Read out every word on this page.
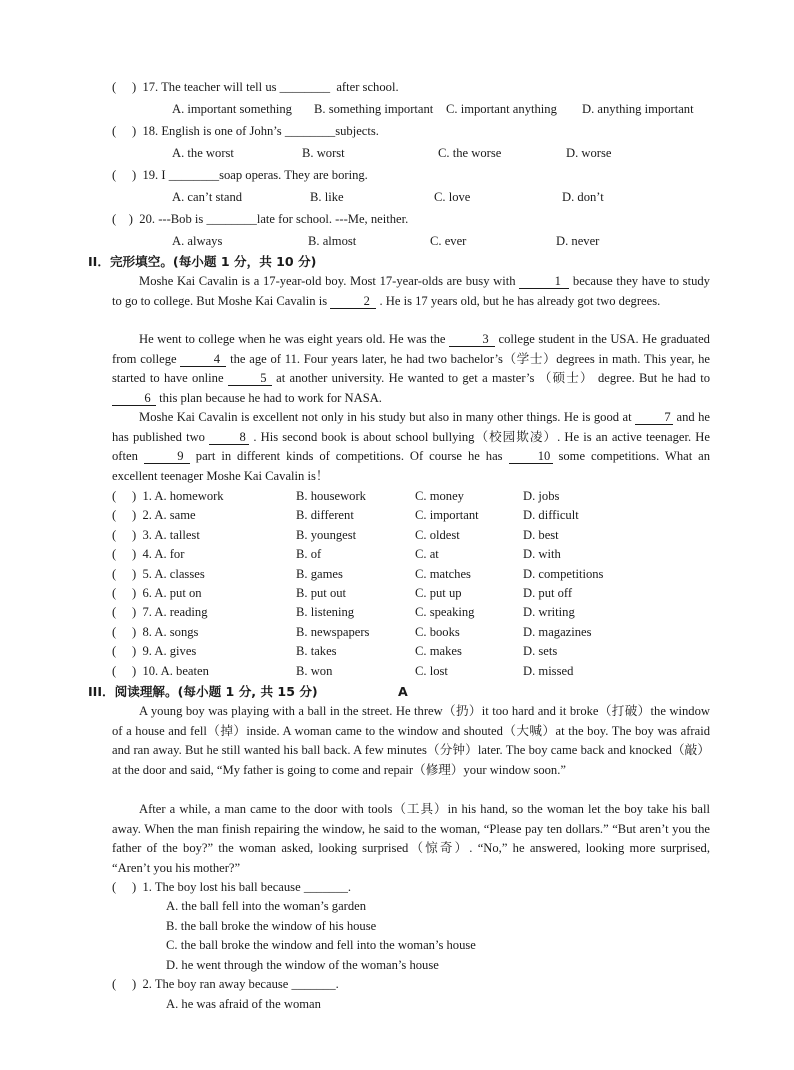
( ) 17. The teacher will tell us ________ after school.
A. important something B. something important C. important anything D. anything important
( ) 18. English is one of John’s ________subjects.
A. the worst	B. worst	C. the worse	D. worse
( ) 19. I ________soap operas. They are boring.
A. can’t stand	B. like	C. love	D. don’t
( ) 20. ---Bob is ________late for school. ---Me, neither.
A. always	B. almost	C. ever	D. never
II．完形填空。(每小题 1 分，共 10 分)
Moshe Kai Cavalin is a 17-year-old boy. Most 17-year-olds are busy with	1 because they have to study to go to college. But Moshe Kai Cavalin is	2 . He is 17 years old, but he has already got two degrees.
He went to college when he was eight years old. He was the	3 college student in the USA. He graduated from college	4 the age of 11. Four years later, he had two bachelor’s（学士）degrees in math. This year, he started to have online	5 at another university. He wanted to get a master’s （硕士） degree. But he had to 6 this plan because he had to work for NASA.
Moshe Kai Cavalin is excellent not only in his study but also in many other things. He is good at	7 and he has published two	8 . His second book is about school bullying（校园欺凌）. He is an active teenager. He often	9 part in different kinds of competitions. Of course he has	10 some competitions. What an excellent teenager Moshe Kai Cavalin is！
( ) 1. A. homework	B. housework	C. money	D. jobs
( ) 2. A. same	B. different	C. important	D. difficult
( ) 3. A. tallest	B. youngest	C. oldest	D. best
( ) 4. A. for	B. of	C. at	D. with
( ) 5. A. classes	B. games	C. matches	D. competitions
( ) 6. A. put on	B. put out	C. put up	D. put off
( ) 7. A. reading	B. listening	C. speaking	D. writing
( ) 8. A. songs	B. newspapers	C. books	D. magazines
( ) 9. A. gives	B. takes	C. makes	D. sets
( ) 10. A. beaten	B. won	C. lost	D. missed
III．阅读理解。(每小题 1 分, 共 15 分)	A
A young boy was playing with a ball in the street. He threw（扔）it too hard and it broke（打破）the window of a house and fell（掉）inside. A woman came to the window and shouted（大喊）at the boy. The boy was afraid and ran away. But he still wanted his ball back. A few minutes（分钟）later. The boy came back and knocked（敲）at the door and said, “My father is going to come and repair（修理）your window soon.”
After a while, a man came to the door with tools（工具）in his hand, so the woman let the boy take his ball away. When the man finish repairing the window, he said to the woman, “Please pay ten dollars.” “But aren’t you the father of the boy?” the woman asked, looking surprised（惊奇）. “No,” he answered, looking more surprised, “Aren’t you his mother?”
( ) 1. The boy lost his ball because _______.
A. the ball fell into the woman’s garden
B. the ball broke the window of his house
C. the ball broke the window and fell into the woman’s house
D. he went through the window of the woman’s house
( ) 2. The boy ran away because _______.
A. he was afraid of the woman
